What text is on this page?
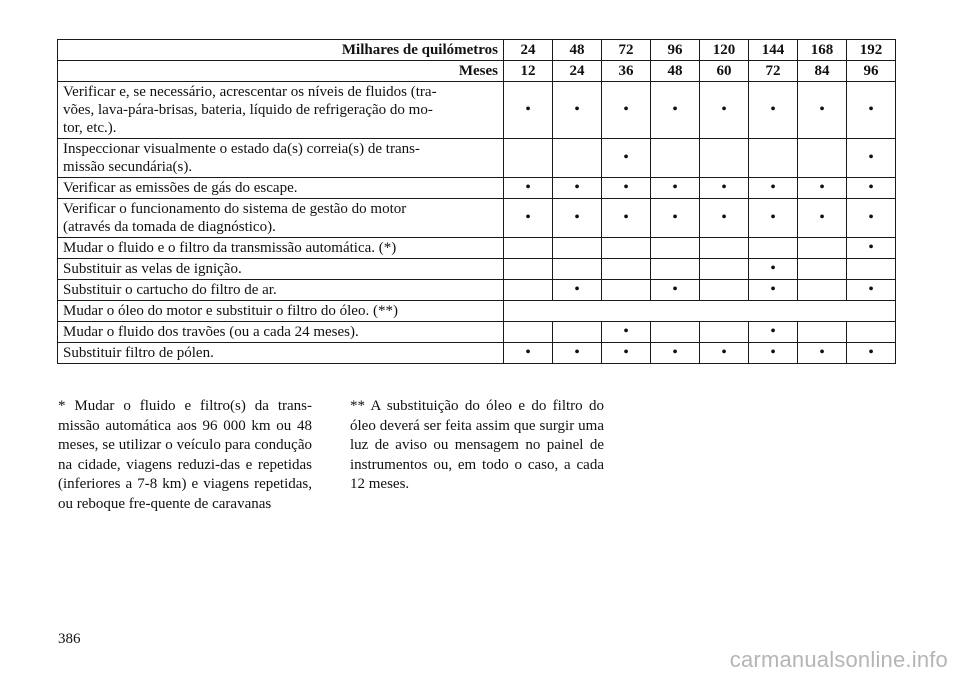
Milhares de quilómetros	24	48	72	96	120	144	168	192
Meses	12	24	36	48	60	72	84	96

Verificar e, se necessário, acrescentar os níveis de fluidos (tra-
vões, lava-pára-brisas, bateria, líquido de refrigeração do mo-
tor, etc.).	•	•	•	•	•	•	•	•

Inspeccionar visualmente o estado da(s) correia(s) de trans-
missão secundária(s).			•					•

Verificar as emissões de gás do escape.	•	•	•	•	•	•	•	•

Verificar o funcionamento do sistema de gestão do motor
(através da tomada de diagnóstico).	•	•	•	•	•	•	•	•

Mudar o fluido e o filtro da transmissão automática. (*)								•

Substituir as velas de ignição.						•		

Substituir o cartucho do filtro de ar.		•		•		•		•

Mudar o óleo do motor e substituir o filtro do óleo. (**)								

Mudar o fluido dos travões (ou a cada 24 meses).			•			•		

Substituir filtro de pólen.	•	•	•	•	•	•	•	•
* Mudar o fluido e filtro(s) da trans-missão automática aos 96 000 km ou 48 meses, se utilizar o veículo para condução na cidade, viagens reduzi-das e repetidas (inferiores a 7-8 km) e viagens repetidas, ou reboque fre-quente de caravanas
** A substituição do óleo e do filtro do óleo deverá ser feita assim que surgir uma luz de aviso ou mensagem no painel de instrumentos ou, em todo o caso, a cada 12 meses.
386
carmanualsonline.info
